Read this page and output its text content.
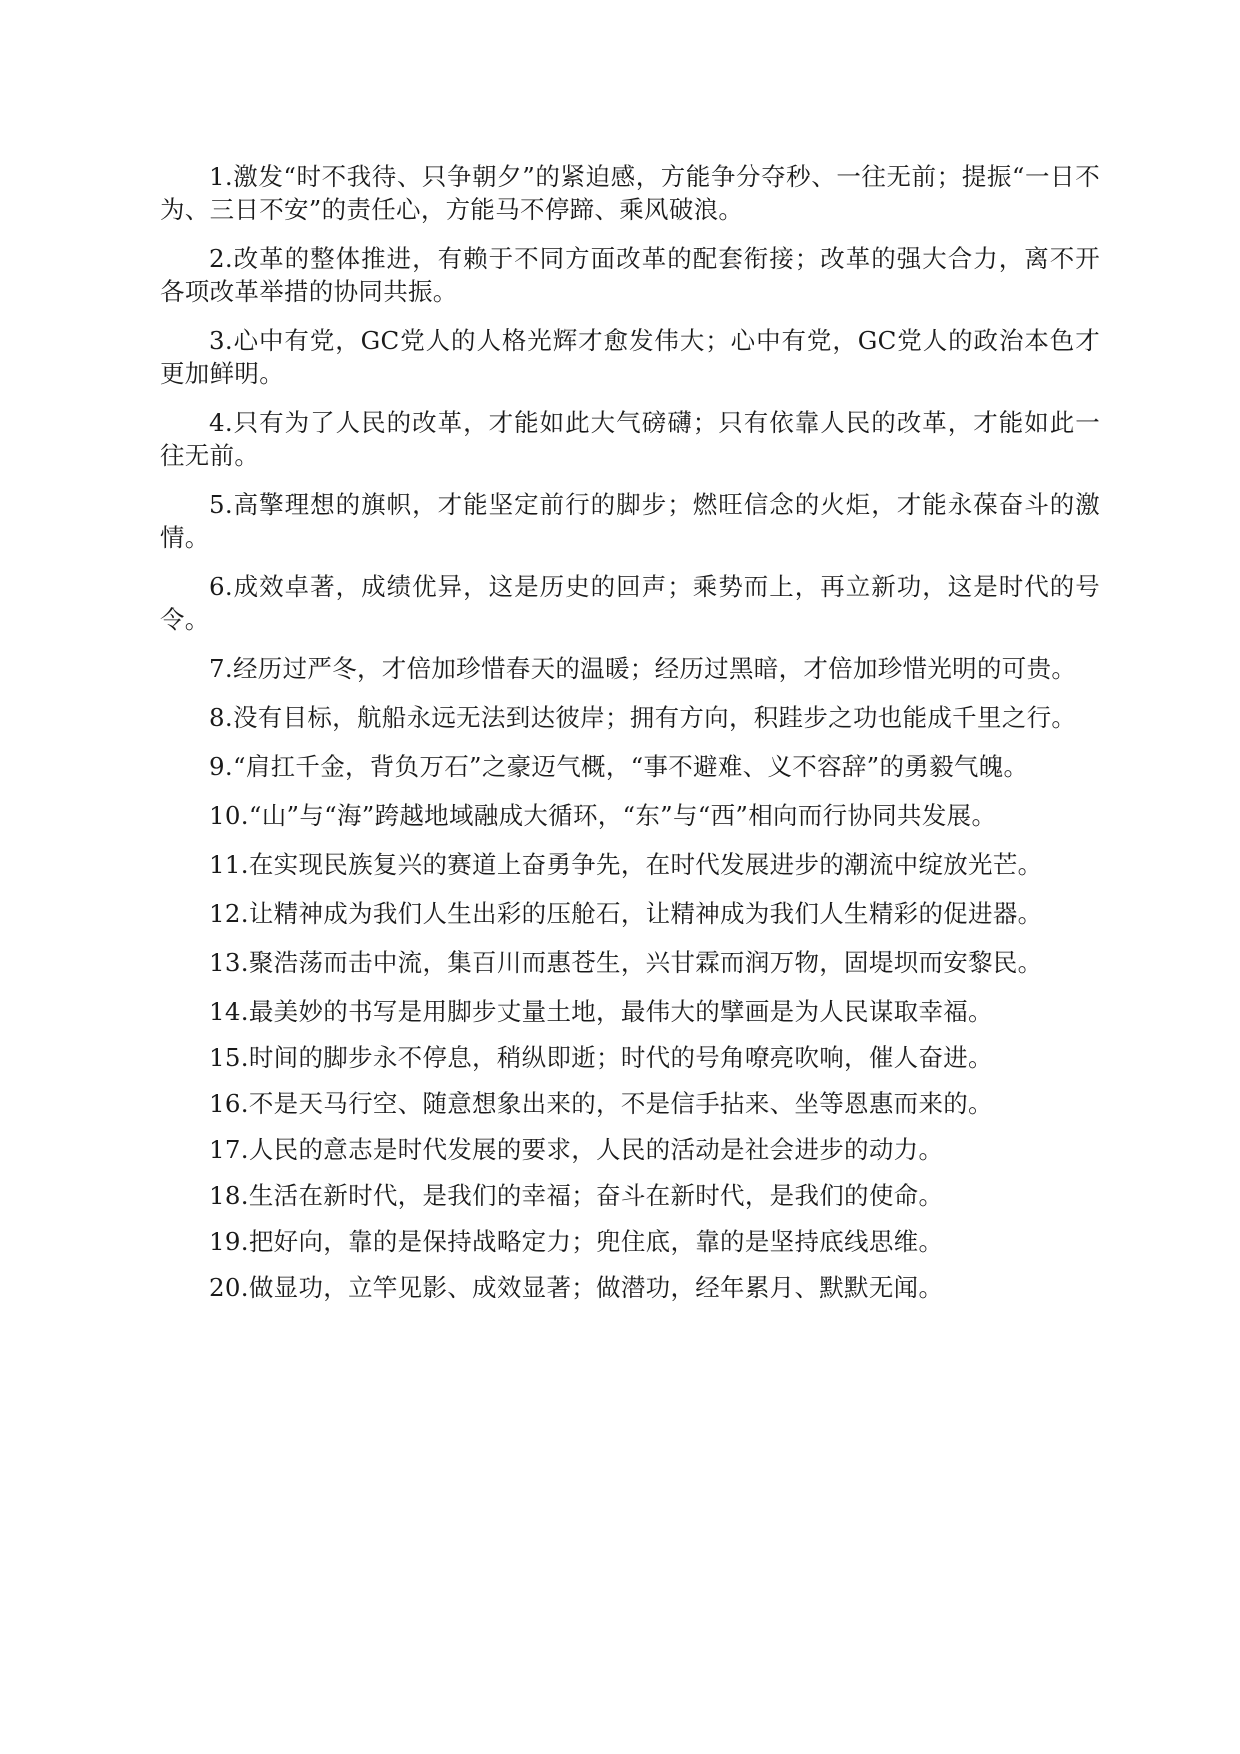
1.激发“时不我待、只争朝夕”的紧迫感，方能争分夺秒、一往无前；提振“一日不为、三日不安”的责任心，方能马不停蹄、乘风破浪。

2.改革的整体推进，有赖于不同方面改革的配套衔接；改革的强大合力，离不开各项改革举措的协同共振。

3.心中有党，GC党人的人格光辉才愈发伟大；心中有党，GC党人的政治本色才更加鲜明。

4.只有为了人民的改革，才能如此大气磅礴；只有依靠人民的改革，才能如此一往无前。

5.高擎理想的旗帜，才能坚定前行的脚步；燃旺信念的火炬，才能永葆奋斗的激情。

6.成效卓著，成绩优异，这是历史的回声；乘势而上，再立新功，这是时代的号令。

7.经历过严冬，才倍加珍惜春天的温暖；经历过黑暗，才倍加珍惜光明的可贵。

8.没有目标，航船永远无法到达彼岸；拥有方向，积跬步之功也能成千里之行。

9.“肩扛千金，背负万石”之豪迈气概，“事不避难、义不容辞”的勇毅气魄。

10.“山”与“海”跨越地域融成大循环，“东”与“西”相向而行协同共发展。

11.在实现民族复兴的赛道上奋勇争先，在时代发展进步的潮流中绽放光芒。

12.让精神成为我们人生出彩的压舱石，让精神成为我们人生精彩的促进器。

13.聚浩荡而击中流，集百川而惠苍生，兴甘霖而润万物，固堤坝而安黎民。

14.最美妙的书写是用脚步丈量土地，最伟大的擘画是为人民谋取幸福。

15.时间的脚步永不停息，稍纵即逝；时代的号角嘹亮吹响，催人奋进。

16.不是天马行空、随意想象出来的，不是信手拈来、坐等恩惠而来的。

17.人民的意志是时代发展的要求，人民的活动是社会进步的动力。

18.生活在新时代，是我们的幸福；奋斗在新时代，是我们的使命。

19.把好向，靠的是保持战略定力；兜住底，靠的是坚持底线思维。

20.做显功，立竿见影、成效显著；做潜功，经年累月、默默无闻。
